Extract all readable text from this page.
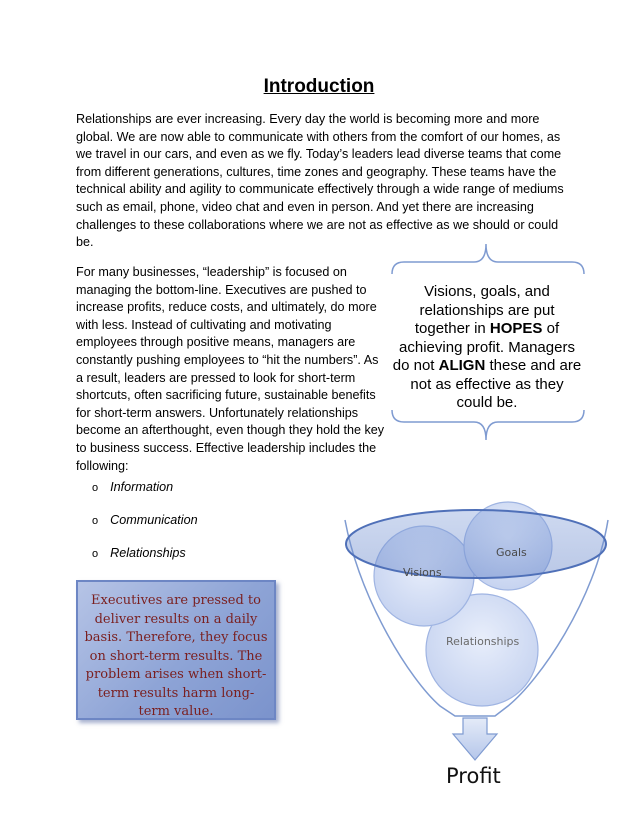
Introduction
Relationships are ever increasing. Every day the world is becoming more and more global. We are now able to communicate with others from the comfort of our homes, as we travel in our cars, and even as we fly. Today’s leaders lead diverse teams that come from different generations, cultures, time zones and geography. These teams have the technical ability and agility to communicate effectively through a wide range of mediums such as email, phone, video chat and even in person. And yet there are increasing challenges to these collaborations where we are not as effective as we should or could be.
For many businesses, “leadership” is focused on managing the bottom-line. Executives are pushed to increase profits, reduce costs, and ultimately, do more with less. Instead of cultivating and motivating employees through positive means, managers are constantly pushing employees to “hit the numbers”. As a result, leaders are pressed to look for short-term shortcuts, often sacrificing future, sustainable benefits for short-term answers. Unfortunately relationships become an afterthought, even though they hold the key to business success. Effective leadership includes the following:
o Information
o Communication
o Relationships	Goals
Visions
Relationships
Profit
Visions, goals, and relationships are put together in HOPES of achieving profit. Managers do not ALIGN these and are not as effective as they could be.
Executives are pressed to deliver results on a daily basis. Therefore, they focus on short-term results. The problem arises when short-term results harm long-term value.
